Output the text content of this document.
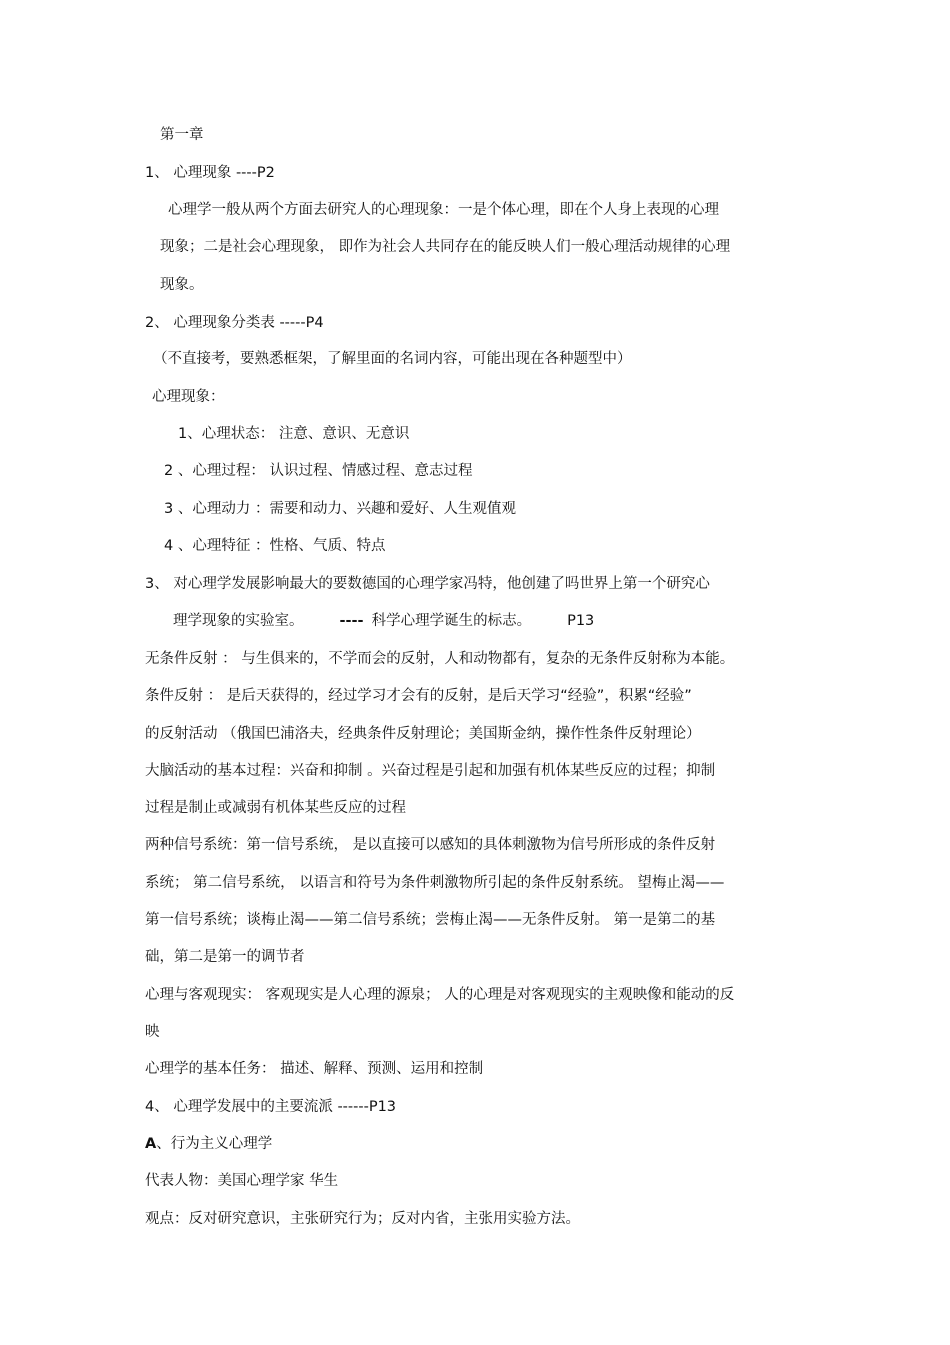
第一章
1、 心理现象 ----P2
心理学一般从两个方面去研究人的心理现象：一是个体心理，即在个人身上表现的心理
现象；二是社会心理现象， 即作为社会人共同存在的能反映人们一般心理活动规律的心理
现象。
2、 心理现象分类表 -----P4
（不直接考，要熟悉框架，了解里面的名词内容，可能出现在各种题型中）
心理现象：
1、心理状态： 注意、意识、无意识
2 、心理过程： 认识过程、情感过程、意志过程
3 、心理动力 ：需要和动力、兴趣和爱好、人生观值观
4 、心理特征 ：性格、气质、特点
3、 对心理学发展影响最大的要数德国的心理学家冯特，他创建了吗世界上第一个研究心
理学现象的实验室。 ---- 科学心理学诞生的标志。 P13
无条件反射 ： 与生俱来的，不学而会的反射，人和动物都有，复杂的无条件反射称为本能。
条件反射 ： 是后天获得的，经过学习才会有的反射，是后天学习“经验”，积累“经验”
的反射活动 （俄国巴浦洛夫，经典条件反射理论；美国斯金纳，操作性条件反射理论）
大脑活动的基本过程：兴奋和抑制 。兴奋过程是引起和加强有机体某些反应的过程；抑制
过程是制止或减弱有机体某些反应的过程
两种信号系统：第一信号系统， 是以直接可以感知的具体刺激物为信号所形成的条件反射
系统； 第二信号系统， 以语言和符号为条件刺激物所引起的条件反射系统。 望梅止渴——
第一信号系统；谈梅止渴——第二信号系统；尝梅止渴——无条件反射。 第一是第二的基
础，第二是第一的调节者
心理与客观现实： 客观现实是人心理的源泉； 人的心理是对客观现实的主观映像和能动的反
映
心理学的基本任务： 描述、解释、预测、运用和控制
4、 心理学发展中的主要流派 ------P13
A、行为主义心理学
代表人物：美国心理学家 华生
观点：反对研究意识，主张研究行为；反对内省，主张用实验方法。
